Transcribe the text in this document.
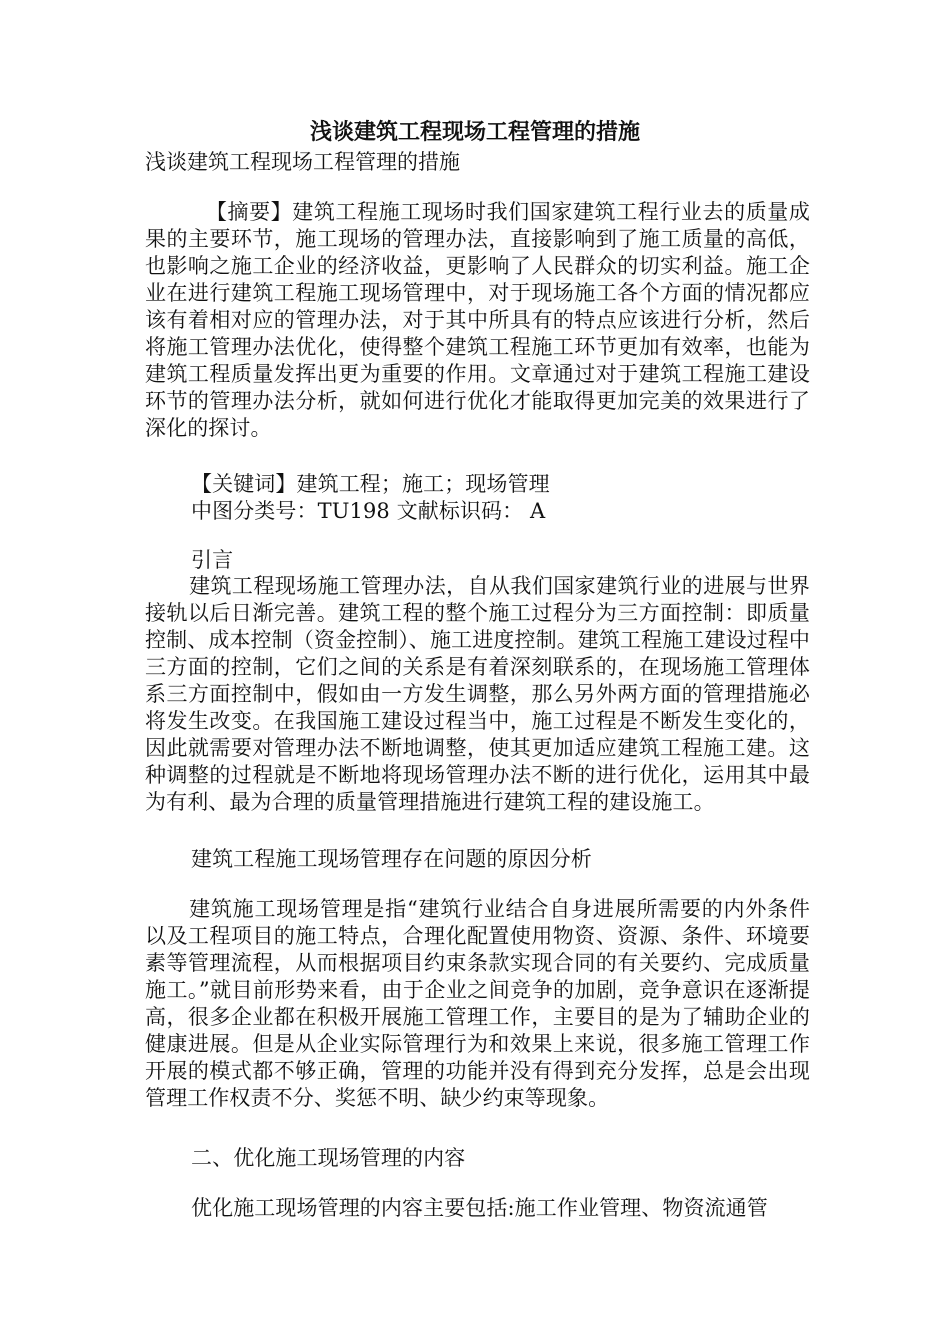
浅谈建筑工程现场工程管理的措施
浅谈建筑工程现场工程管理的措施
【摘要】建筑工程施工现场时我们国家建筑工程行业去的质量成果的主要环节，施工现场的管理办法，直接影响到了施工质量的高低，也影响之施工企业的经济收益，更影响了人民群众的切实利益。施工企业在进行建筑工程施工现场管理中，对于现场施工各个方面的情况都应该有着相对应的管理办法，对于其中所具有的特点应该进行分析，然后将施工管理办法优化，使得整个建筑工程施工环节更加有效率，也能为建筑工程质量发挥出更为重要的作用。文章通过对于建筑工程施工建设环节的管理办法分析，就如何进行优化才能取得更加完美的效果进行了深化的探讨。
【关键词】建筑工程；施工；现场管理
中图分类号：TU198 文献标识码： A
引言
建筑工程现场施工管理办法，自从我们国家建筑行业的进展与世界接轨以后日渐完善。建筑工程的整个施工过程分为三方面控制：即质量控制、成本控制（资金控制）、施工进度控制。建筑工程施工建设过程中三方面的控制，它们之间的关系是有着深刻联系的，在现场施工管理体系三方面控制中，假如由一方发生调整，那么另外两方面的管理措施必将发生改变。在我国施工建设过程当中，施工过程是不断发生变化的，因此就需要对管理办法不断地调整，使其更加适应建筑工程施工建。这种调整的过程就是不断地将现场管理办法不断的进行优化，运用其中最为有利、最为合理的质量管理措施进行建筑工程的建设施工。
建筑工程施工现场管理存在问题的原因分析
建筑施工现场管理是指“建筑行业结合自身进展所需要的内外条件以及工程项目的施工特点，合理化配置使用物资、资源、条件、环境要素等管理流程，从而根据项目约束条款实现合同的有关要约、完成质量施工。”就目前形势来看，由于企业之间竞争的加剧，竞争意识在逐渐提高，很多企业都在积极开展施工管理工作，主要目的是为了辅助企业的健康进展。但是从企业实际管理行为和效果上来说，很多施工管理工作开展的模式都不够正确，管理的功能并没有得到充分发挥，总是会出现管理工作权责不分、奖惩不明、缺少约束等现象。
二、优化施工现场管理的内容
优化施工现场管理的内容主要包括:施工作业管理、物资流通管
